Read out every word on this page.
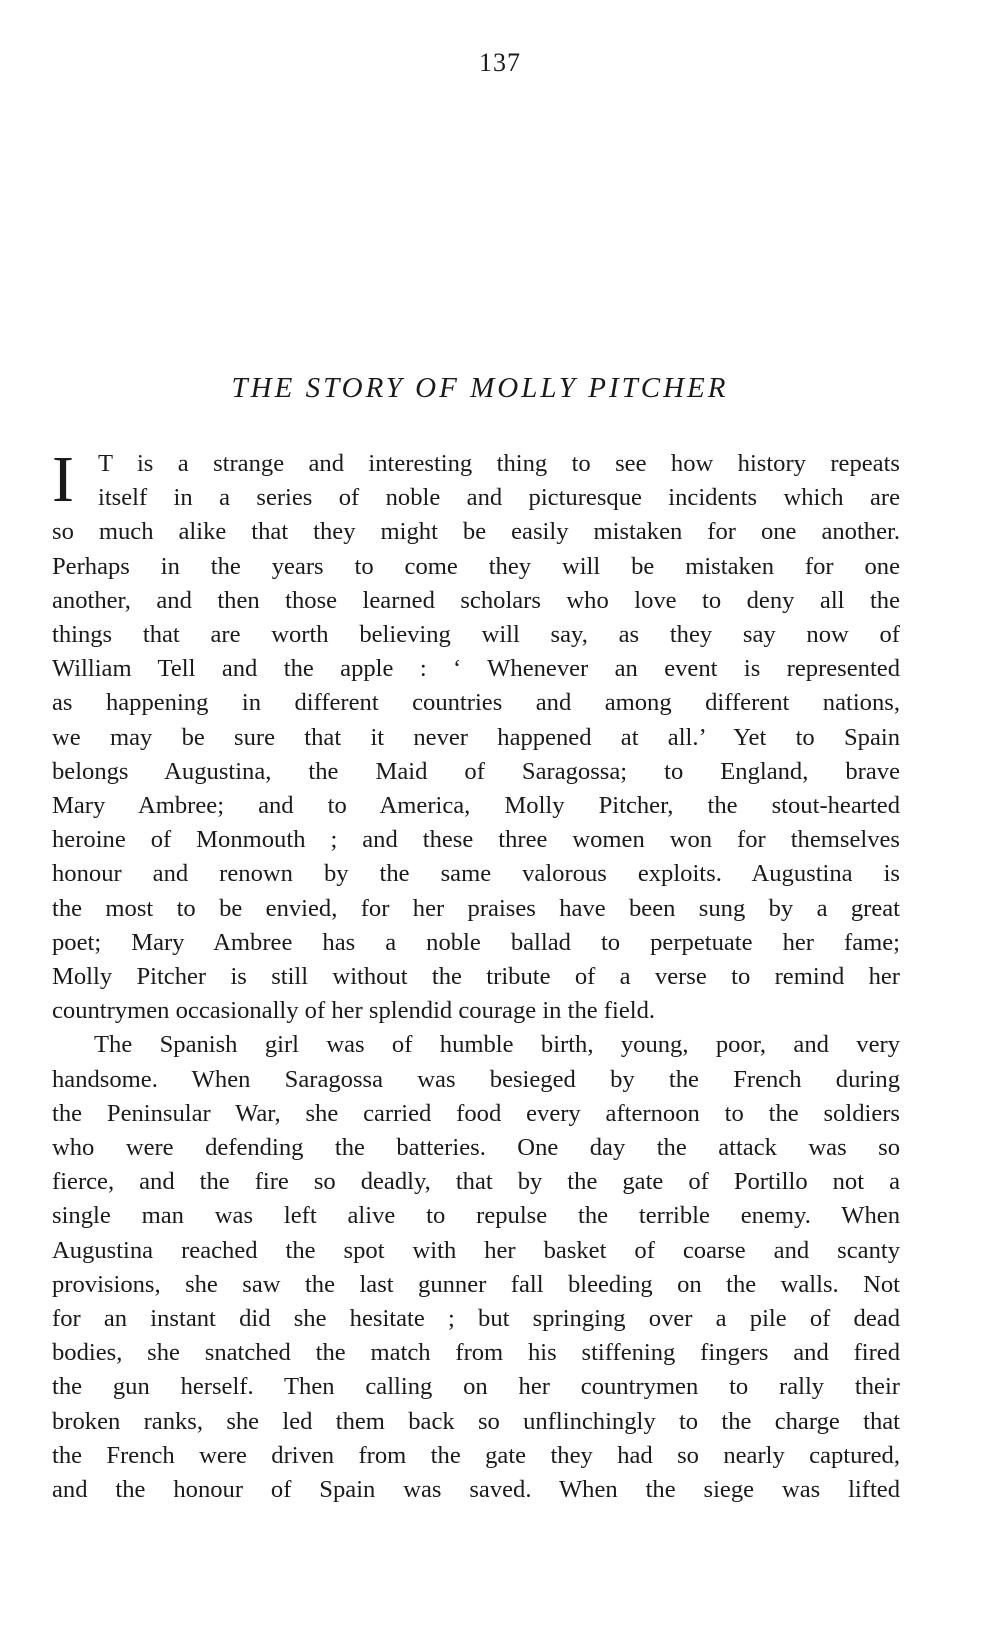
137
THE STORY OF MOLLY PITCHER
I T is a strange and interesting thing to see how history repeats
itself in a series of noble and picturesque incidents which are
so much alike that they might be easily mistaken for one another.
Perhaps in the years to come they will be mistaken for one
another, and then those learned scholars who love to deny all the
things that are worth believing will say, as they say now of
William Tell and the apple : ‘ Whenever an event is represented
as happening in different countries and among different nations,
we may be sure that it never happened at all.’ Yet to Spain
belongs Augustina, the Maid of Saragossa; to England, brave
Mary Ambree; and to America, Molly Pitcher, the stout-hearted
heroine of Monmouth ; and these three women won for themselves
honour and renown by the same valorous exploits. Augustina is
the most to be envied, for her praises have been sung by a great
poet; Mary Ambree has a noble ballad to perpetuate her fame;
Molly Pitcher is still without the tribute of a verse to remind her
countrymen occasionally of her splendid courage in the field.
The Spanish girl was of humble birth, young, poor, and very
handsome. When Saragossa was besieged by the French during
the Peninsular War, she carried food every afternoon to the soldiers
who were defending the batteries. One day the attack was so
fierce, and the fire so deadly, that by the gate of Portillo not a
single man was left alive to repulse the terrible enemy. When
Augustina reached the spot with her basket of coarse and scanty
provisions, she saw the last gunner fall bleeding on the walls. Not
for an instant did she hesitate ; but springing over a pile of dead
bodies, she snatched the match from his stiffening fingers and fired
the gun herself. Then calling on her countrymen to rally their
broken ranks, she led them back so unflinchingly to the charge that
the French were driven from the gate they had so nearly captured,
and the honour of Spain was saved. When the siege was lifted
